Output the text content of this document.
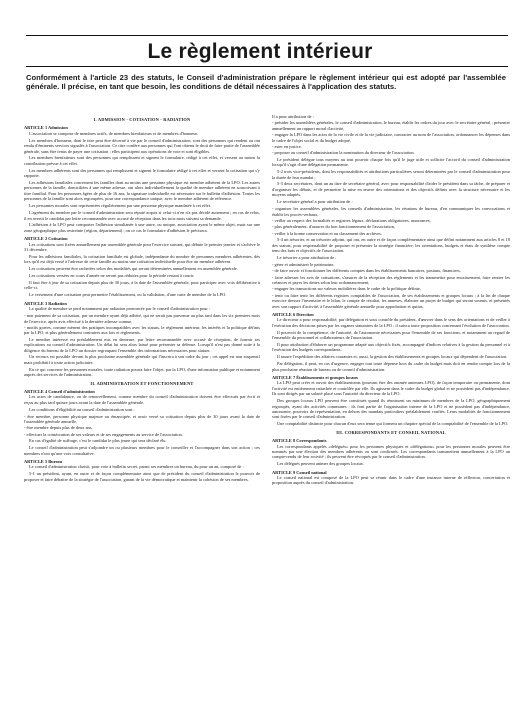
Le règlement intérieur
Conformément à l'article 23 des statuts, le Conseil d'administration prépare le règlement intérieur qui est adopté par l'assemblée générale. Il précise, en tant que besoin, les conditions de détail nécessaires à l'application des statuts.
I. ADMISSION - COTISATION - RADIATION
ARTICLE 1 Admission

L'association se compose de membres actifs, de membres bienfaiteurs et de membres d'honneur.

Les membres d'honneur, dont le titre peut être décerné à vie par le conseil d'administration, sont des personnes qui rendent ou ont rendu d'éminents services signalés à l'association. Ce titre confère aux personnes qui l'ont obtenu le droit de faire partie de l'assemblée générale, sans être tenus de payer une cotisation ; elles participent aux opérations de vote et sont éligibles.

Les membres bienfaiteurs sont des personnes qui remplissent et signent le formulaire, rédigé à cet effet, et versent au moins la contribution prévue à cet effet.

Les membres adhérents sont des personnes qui remplissent et signent le formulaire rédigé à cet effet et versent la cotisation qui s'y rapporte.

Les adhésions familiales concernent les familles dont au moins une personne physique est membre adhérent de la LPO. Les autres personnes de la famille, domiciliées à une même adresse, ont alors individuellement la qualité de membre adhérent en souscrivant à titre familial. Pour les personnes âgées de plus de 16 ans, la signature individuelle est nécessaire sur le bulletin d'adhésion. Toutes les personnes de la famille sont alors regroupées, pour une correspondance unique, avec le membre adhérent de référence.

Les personnes morales sont représentées régulièrement par une personne physique mandatée à cet effet.

L'agrément du membre par le conseil d'administration sera réputé acquis si celui-ci n'en n'a pas décidé autrement ; en cas de refus, il en avertit le candidat par lettre recommandée avec accusé de réception dans les trois mois suivant sa demande.

L'adhésion à la LPO peut comporter l'adhésion simultanée à une autre, ou unique, association ayant le même objet, mais sur une zone géographique plus restreinte (région, département) ; on ce cas le formulaire d'adhésion le précisera.

ARTICLE 2 Cotisation

Les cotisations sont fixées annuellement par assemblée générale pour l'exercice suivant, qui débute le premier janvier et s'achève le 31 décembre.

Pour les adhésions familiales, la cotisation familiale est globale, indépendante du nombre de personnes membres adhérentes, dès lors qu'il est déjà versé à l'adresse de cette famille au moins une cotisation individuelle pour être un membre adhérent.

Les cotisations peuvent être rachetées selon des modalités qui seront déterminées annuellement en assemblée générale.

Les cotisations versées en cours d'année ne seront pas réduites pour la période restant à courir.

Il faut être à jour de sa cotisation depuis plus de 30 jours, à la date de l'assemblée générale, pour participer avec voix délibérative à celle-ci.

Le versement d'une cotisation peut permettre l'établissement, ou la validation, d'une carte de membre de la LPO.

ARTICLE 3 Radiation

La qualité de membre se perd notamment par radiation prononcée par le conseil d'administration pour :

- non paiement de sa cotisation, par un membre ayant déjà adhéré, qui ne serait pas parvenue au plus tard dans les six premiers mois de l'exercice, après avis effectué à la dernière adresse connue,
- motifs graves, comme mènent des pratiques incompatibles avec les statuts, le règlement intérieur, les intérêts et la politique définis par la LPO, et plus généralement contraires aux lois et règlements.

Le membre intéressé est préalablement mis en demeure, par lettre recommandée avec accusé de réception, de fournir ses explications au conseil d'administration. Un délai lui sera alors laissé pour présenter sa défense. Lorsqu'il n'est pas donné suite à la diligence du bureau de la LPO un dossier regroupant l'ensemble des informations nécessaires pour statuer.

Un recours est possible devant la plus prochaine assemblée générale qui l'inscrira à son ordre du jour ; cet appel est non suspensif mais prohibitif à toute action judiciaire.

En ce qui concerne les personnes morales, toute radiation pourra faire l'objet, par la LPO, d'une information publique et notamment auprès des services de l'administration.

II. ADMINISTRATION ET FONCTIONNEMENT
ARTICLE 4 Conseil d'administration

Les actes de candidature, ou de renouvellement, comme membre du conseil d'administration doivent être effectués par écrit et reçus au plus tard quinze jours avant la date de l'assemblée générale.

Les conditions d'éligibilité au conseil d'administration sont :

- être membre, personne physique majeure ou émancipée, et avoir versé sa cotisation depuis plus de 30 jours avant la date de l'assemblée générale annuelle,
- être membre depuis plus de deux ans,
- effectuer la consécration de ses valeurs et de ses engagements au service de l'association.

En cas d'égalité de suffrage, c'est le candidat le plus jeune qui sera déclaré élu.

Le conseil d'administration peut s'adjoindre un ou plusieurs membres pour le conseiller et l'accompagner dans son action ; ces membres n'ont qu'une voix consultative.

ARTICLE 5 Bureau

Le conseil d'administration choisit, pour vote à bulletin secret, parmi ses membres un bureau, du pour un an, composé de :

5-1 un président, ayant, en outre et de façon complémentaire ainsi que de président du conseil d'administration le pouvoir de proposer et faire débattre de la stratégie de l'association, garant de la vie démocratique et maintenir la cohésion de ses membres.

Il a pour attribution de :
- présider les assemblées générales, le conseil d'administration, le bureau, établir les ordres du jour avec le secrétaire général ; présenter annuellement un rapport moral d'activité,
- engager la LPO dans les actes de la vie civile et de la vie judiciaire, contracter au nom de l'association, ordonnancer les dépenses dans le cadre de l'objet social et du budget adopté,
- ester en justice,
- proposer au conseil d'administration la nomination du directeur de l'association.

Le président délègue tous moyens au tout pouvoir chaque fois qu'il le juge utile et sollicite l'accord du conseil d'administration lorsqu'il s'agit d'une délégation permanente.

5-2 trois vice-présidents, dont les responsabilités et attributions particulières seront déterminées par le conseil d'administration pour la durée de leur mandat ;

5-3 deux secrétaires, dont un au titre de secrétaire général, avec pour responsabilité d'aider le président dans sa tâche, de préparer et d'organiser les débats, et de permettre la mise en œuvre des orientations et des objectifs définis avec la structure nécessaire et les moyens adaptés.

Le secrétaire général a pour attribution de :

- organiser les assemblées générales, les conseils d'administration, les réunions de bureau, d'en communiquer les convocations et établir les procès-verbaux,
- veiller au respect des formalités et registres légaux, déclarations obligatoires, assurances,
- plus généralement, d'assurer du bon fonctionnement de l'association,
- veiller à la bonne conservation et au classement des archives.

5-4 un trésorier, et un trésorier adjoint, qui ont, en outre et de façon complémentaire ainsi que défini notamment aux articles 8 et 18 des statuts, pour responsabilité de proposer et présenter la stratégie financière, les orientations, budgets et états de synthèse compte tenu des buts et objectifs de l'association.

Le trésorier a pour attribution de :

- gérer et administrer le patrimoine,
- de faire ouvrir et fonctionner les différents comptes dans les établissements bancaires, postaux, financiers,
- faire adresser les avis de cotisations, s'assurer de la réception des règlements et les transmettre pour encaissement, faire rentrer les créances et payer les dettes selon leur ordonnancement,
- engager les transactions sur valeurs mobilières dans le cadre de la politique définie,
- tenir ou faire tenir les différents registres comptables de l'association, de ses établissements et groupes locaux ; à la fin de chaque exercice dresser l'inventaire et le bilan, le compte de résultat, les annexes, élaborer un projet de budget qui seront soumis, et présentés avec son rapport d'activité, à l'assemblée générale annuelle pour approbation et quitus.
ARTICLE 6 Direction

Le directeur a pour responsabilité, par délégation et sous contrôle du président, d'œuvrer dans le sens des orientations et de veiller à l'exécution des décisions prises par les organes statutaires de la LPO ; il suivra toute proposition concernant l'évolution de l'association.

Il pourvoit de la compétence, de l'autorité, de l'autonomie nécessaires pour l'ensemble de ses fonctions, et notamment au regard de l'ensemble du personnel et collaborateurs de l'association.

Il pour attribution d'élaborer un programme adapté aux objectifs fixés, accompagné d'indices relatives à la gestion du personnel et à l'exécution des budgets correspondants.

Il assure l'expédition des affaires courantes et, aussi, la gestion des établissements et groupes locaux qui dépendent de l'association.

Par délégation, il peut, en cas d'urgence, engager tout toute dépense hors du cadre du budget mais doit en rendre compte lors de la plus prochaine réunion de bureau ou de conseil d'administration.

ARTICLE 7 Établissements et groupes locaux

La LPO peut créer et ouvrir des établissements (pouvant être des ommée antennes LPO), de façon temporaire ou permanente, dont l'activité est entièrement rattachée et contrôlée par elle. Ils agissent dans le cadre du budget global et ne possèdent pas d'indépendance. Ils sont dirigés par un salarié placé sous l'autorité du directeur de la LPO.

Des groupes locaux LPO peuvent être constitués quand ils réunissent un minimum de membres de la LPO, géographiquement regroupés, ayant des activités communes ; ils font partie de l'organisation interne de la LPO et ne possèdent pas d'indépendance, autonomie, pouvoirs de représentation, en dehors des mandats particuliers préalablement confiés. Leurs modalités de fonctionnement sont fixées par le conseil d'administration.

Une comptabilité distincte pour chacun d'eux sera tenue qui formera un chapitre spécial de la comptabilité de l'ensemble de la LPO.

III. CORRESPONDANTS ET CONSEIL NATIONAL
ARTICLE 8 Correspondants

Les correspondants appelés «délégués» pour les personnes physiques et «délégations» pour les personnes morales peuvent être nommés par une élection des membres adhérents ou sont confirmés. Les correspondants transmettent annuellement à la LPO un compte-rendu de leur activité ; ils peuvent être révoqués par le conseil d'administration.

Les délégués peuvent animer des groupes locaux.

ARTICLE 9 Conseil national

Le conseil national est composé de la LPO peut se réunir dans le cadre d'une instance interne de réflexion, concertation et proposition auprès du conseil d'administration.
